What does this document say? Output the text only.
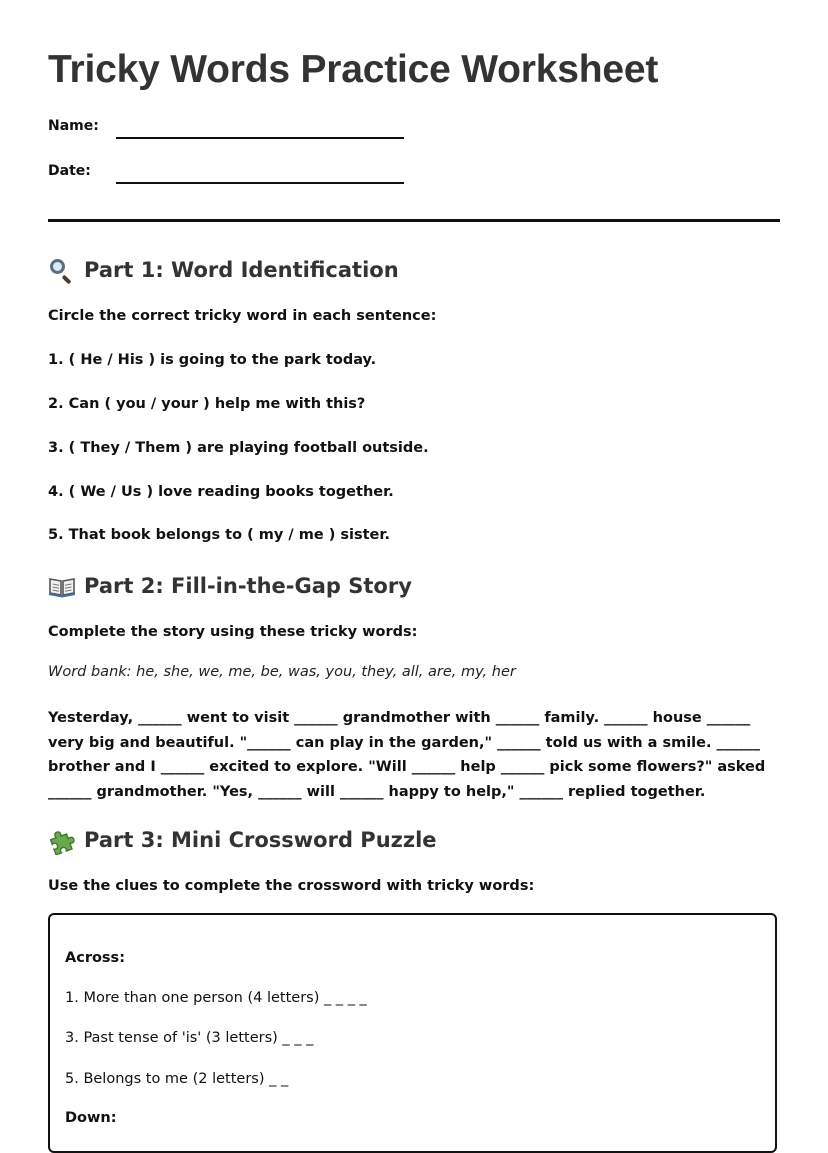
Tricky Words Practice Worksheet
Name:
Date:
Part 1: Word Identification
Circle the correct tricky word in each sentence:
1. ( He / His ) is going to the park today.
2. Can ( you / your ) help me with this?
3. ( They / Them ) are playing football outside.
4. ( We / Us ) love reading books together.
5. That book belongs to ( my / me ) sister.
Part 2: Fill-in-the-Gap Story
Complete the story using these tricky words:
Word bank: he, she, we, me, be, was, you, they, all, are, my, her
Yesterday, ______ went to visit ______ grandmother with ______ family. ______ house ______ very big and beautiful. "______ can play in the garden," ______ told us with a smile. ______ brother and I ______ excited to explore. "Will ______ help ______ pick some flowers?" asked ______ grandmother. "Yes, ______ will ______ happy to help," ______ replied together.
Part 3: Mini Crossword Puzzle
Use the clues to complete the crossword with tricky words:
Across:
1. More than one person (4 letters) _ _ _ _
3. Past tense of 'is' (3 letters) _ _ _
5. Belongs to me (2 letters) _ _
Down:
